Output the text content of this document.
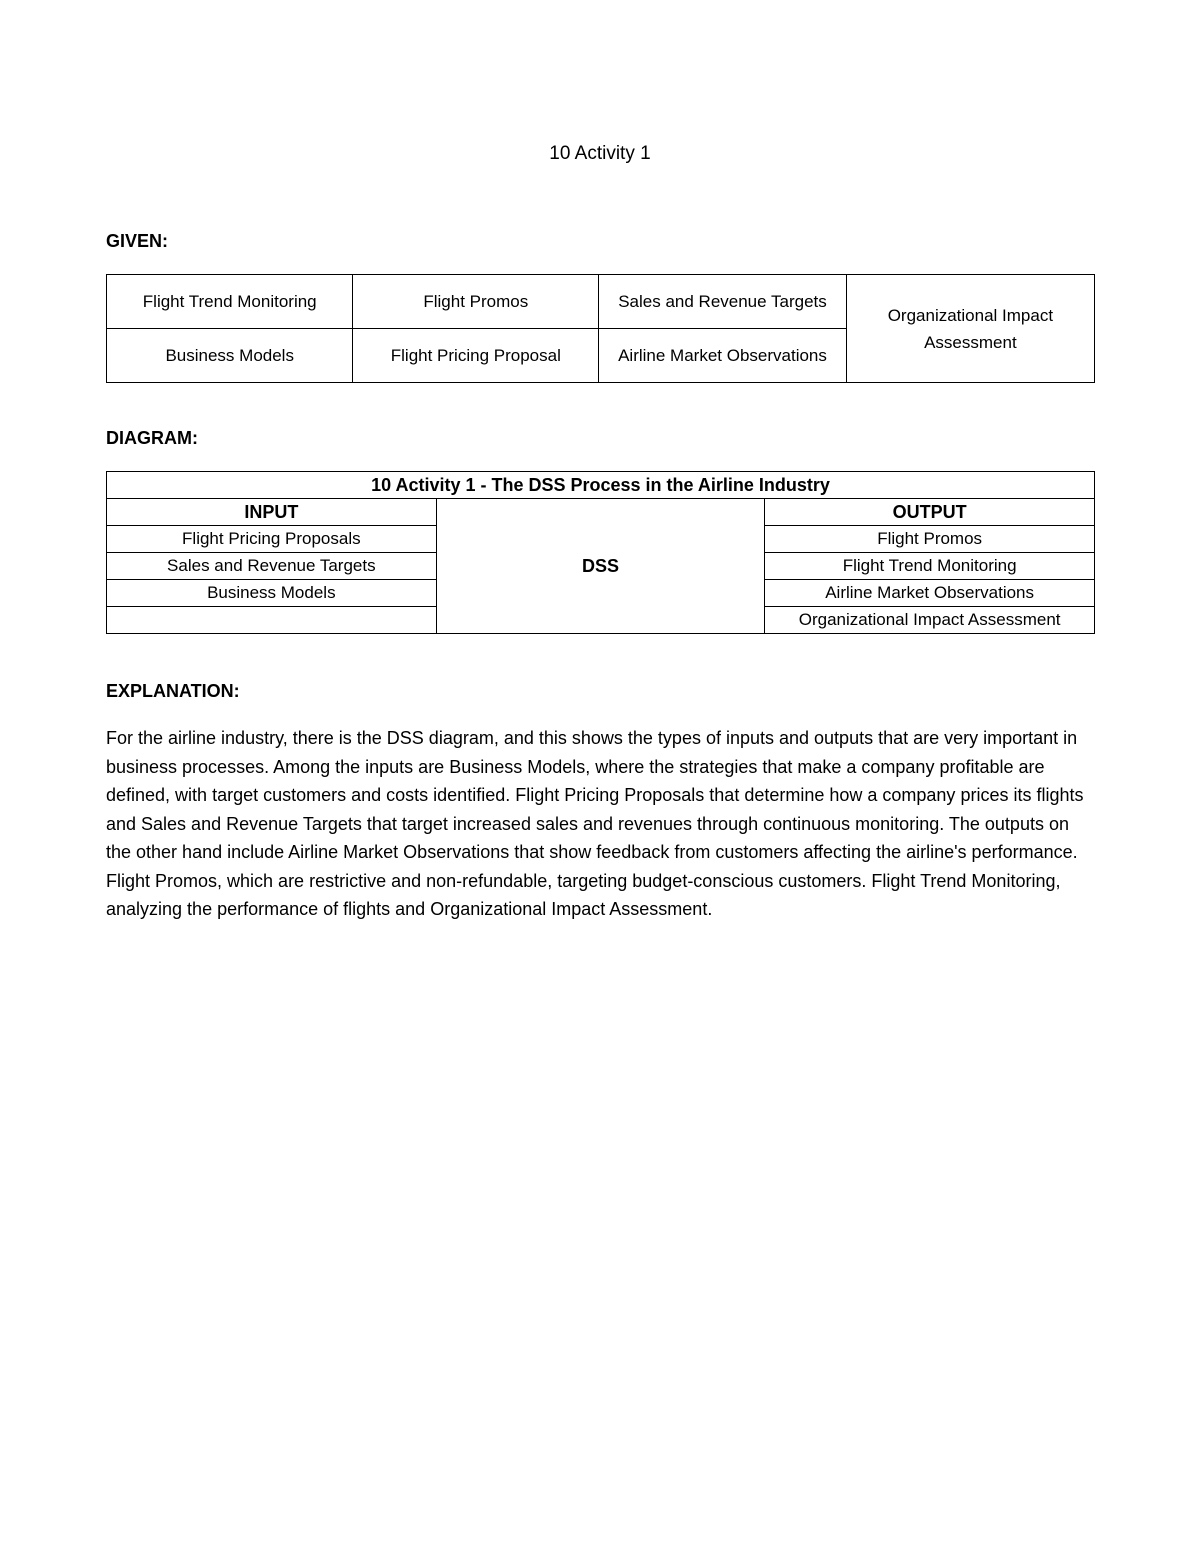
10 Activity 1
GIVEN:
Flight Trend Monitoring	Flight Promos	Sales and Revenue Targets	Organizational Impact Assessment
Business Models	Flight Pricing Proposal	Airline Market Observations	
DIAGRAM:
10 Activity 1 - The DSS Process in the Airline Industry		
INPUT	DSS	OUTPUT
Flight Pricing Proposals		Flight Promos
Sales and Revenue Targets		Flight Trend Monitoring
Business Models		Airline Market Observations
		Organizational Impact Assessment
EXPLANATION:

For the airline industry, there is the DSS diagram, and this shows the types of inputs and outputs that are very important in business processes. Among the inputs are Business Models, where the strategies that make a company profitable are defined, with target customers and costs identified. Flight Pricing Proposals that determine how a company prices its flights and Sales and Revenue Targets that target increased sales and revenues through continuous monitoring. The outputs on the other hand include Airline Market Observations that show feedback from customers affecting the airline's performance. Flight Promos, which are restrictive and non-refundable, targeting budget-conscious customers. Flight Trend Monitoring, analyzing the performance of flights and Organizational Impact Assessment.
